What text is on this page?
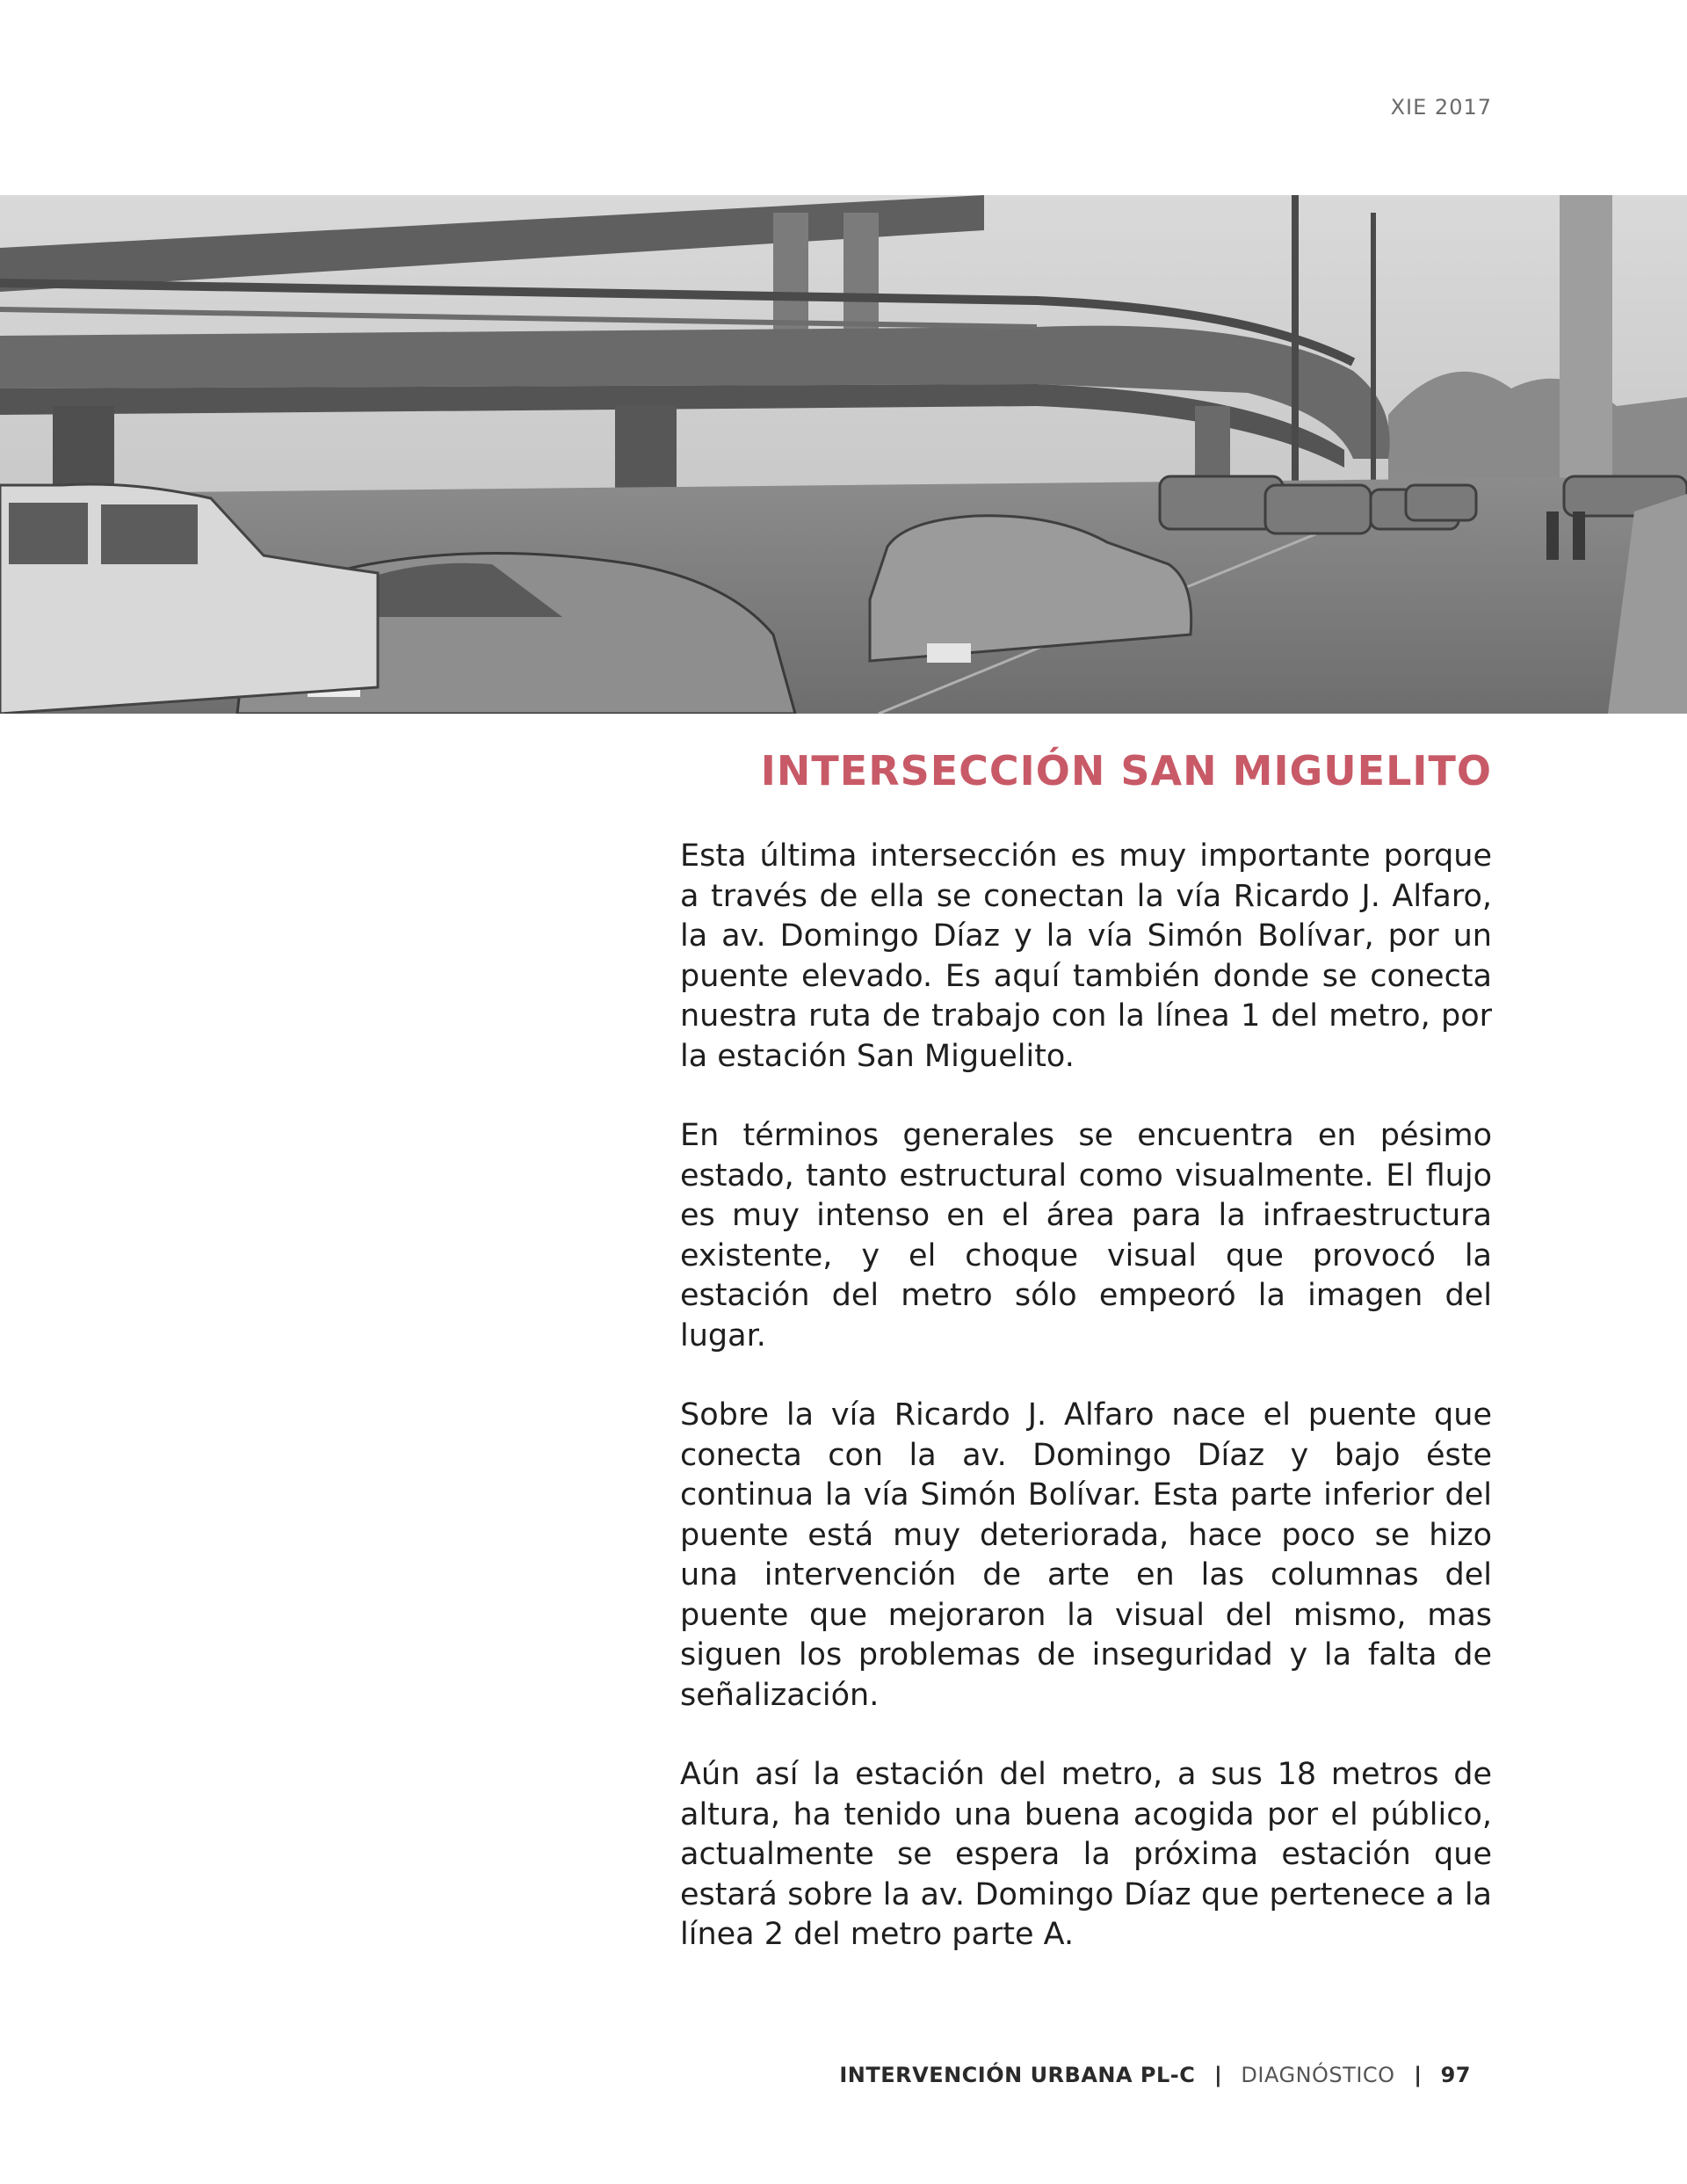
XIE 2017
INTERSECCIÓN SAN MIGUELITO

Esta última intersección es muy importante porque a través de ella se conectan la vía Ricardo J. Alfaro, la av. Domingo Díaz y la vía Simón Bolívar, por un puente elevado. Es aquí también donde se conecta nuestra ruta de trabajo con la línea 1 del metro, por la estación San Miguelito.

En términos generales se encuentra en pésimo estado, tanto estructural como visualmente. El flujo es muy intenso en el área para la infraestructura existente, y el choque visual que provocó la estación del metro sólo empeoró la imagen del lugar.

Sobre la vía Ricardo J. Alfaro nace el puente que conecta con la av. Domingo Díaz y bajo éste continua la vía Simón Bolívar. Esta parte inferior del puente está muy deteriorada, hace poco se hizo una intervención de arte en las columnas del puente que mejoraron la visual del mismo, mas siguen los problemas de inseguridad y la falta de señalización.

Aún así la estación del metro, a sus 18 metros de altura, ha tenido una buena acogida por el público, actualmente se espera la próxima estación que estará sobre la av. Domingo Díaz que pertenece a la línea 2 del metro parte A.

INTERVENCIÓN URBANA PL-C | DIAGNÓSTICO | 97
